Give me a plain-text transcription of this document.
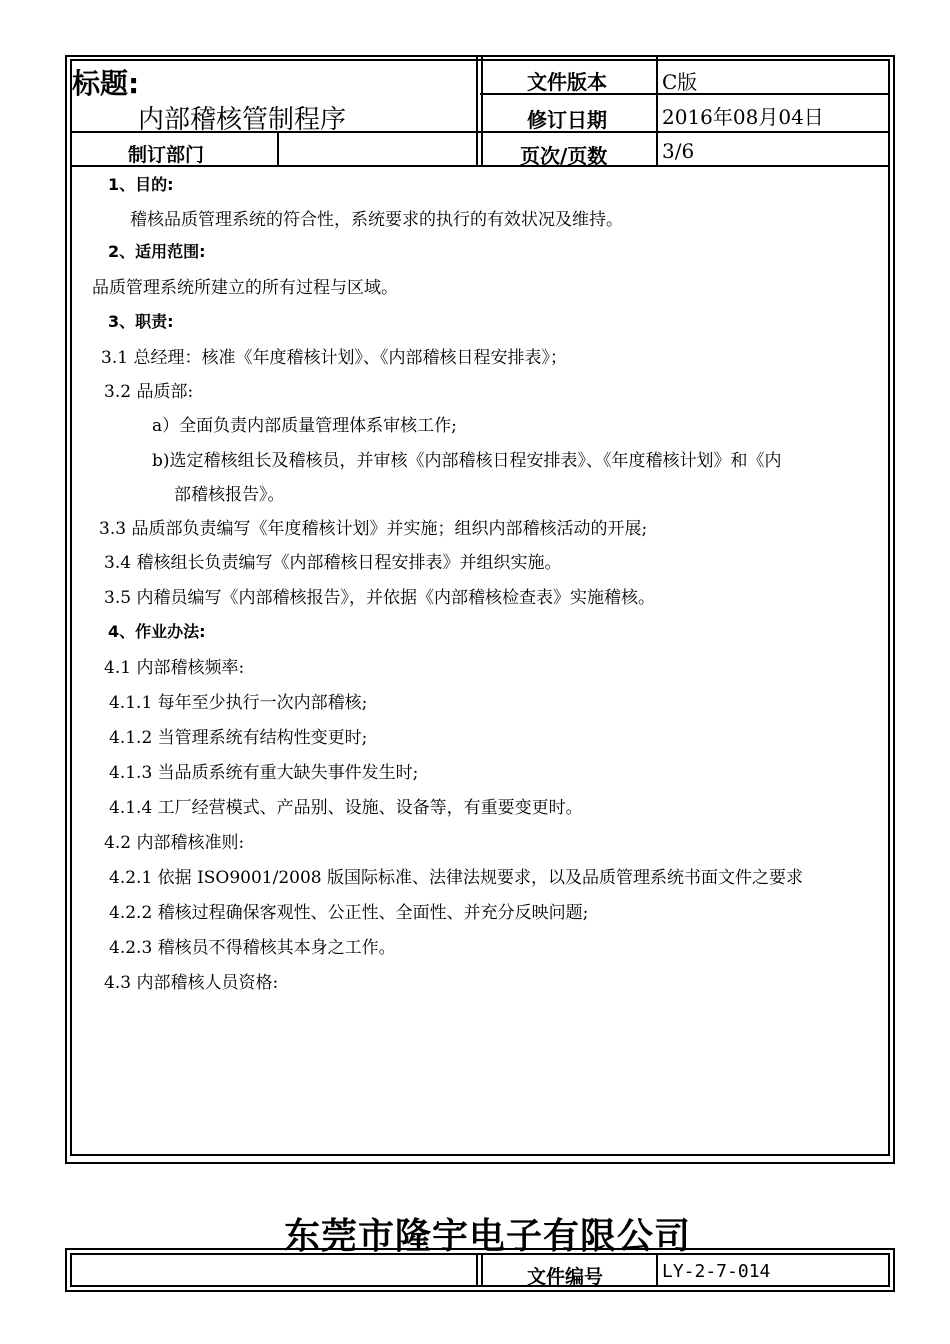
标题:
内部稽核管制程序
制订部门
文件版本	C版
修订日期	2016年08月04日
页次/页数	3/6
1、目的:
稽核品质管理系统的符合性，系统要求的执行的有效状况及维持。
2、适用范围:
品质管理系统所建立的所有过程与区域。
3、职责:
3.1 总经理：核准《年度稽核计划》、《内部稽核日程安排表》；
3.2 品质部:
a）全面负责内部质量管理体系审核工作;
b)选定稽核组长及稽核员，并审核《内部稽核日程安排表》、《年度稽核计划》和《内
部稽核报告》。
3.3 品质部负责编写《年度稽核计划》并实施；组织内部稽核活动的开展;
3.4 稽核组长负责编写《内部稽核日程安排表》并组织实施。
3.5 内稽员编写《内部稽核报告》，并依据《内部稽核检查表》实施稽核。
4、作业办法:
4.1 内部稽核频率:
4.1.1 每年至少执行一次内部稽核;
4.1.2 当管理系统有结构性变更时;
4.1.3 当品质系统有重大缺失事件发生时;
4.1.4 工厂经营模式、产品别、设施、设备等，有重要变更时。
4.2 内部稽核准则:
4.2.1 依据 ISO9001/2008 版国际标准、法律法规要求，以及品质管理系统书面文件之要求
4.2.2 稽核过程确保客观性、公正性、全面性、并充分反映问题;
4.2.3 稽核员不得稽核其本身之工作。
4.3 内部稽核人员资格:
东莞市隆宇电子有限公司
文件编号	LY-2-7-014
